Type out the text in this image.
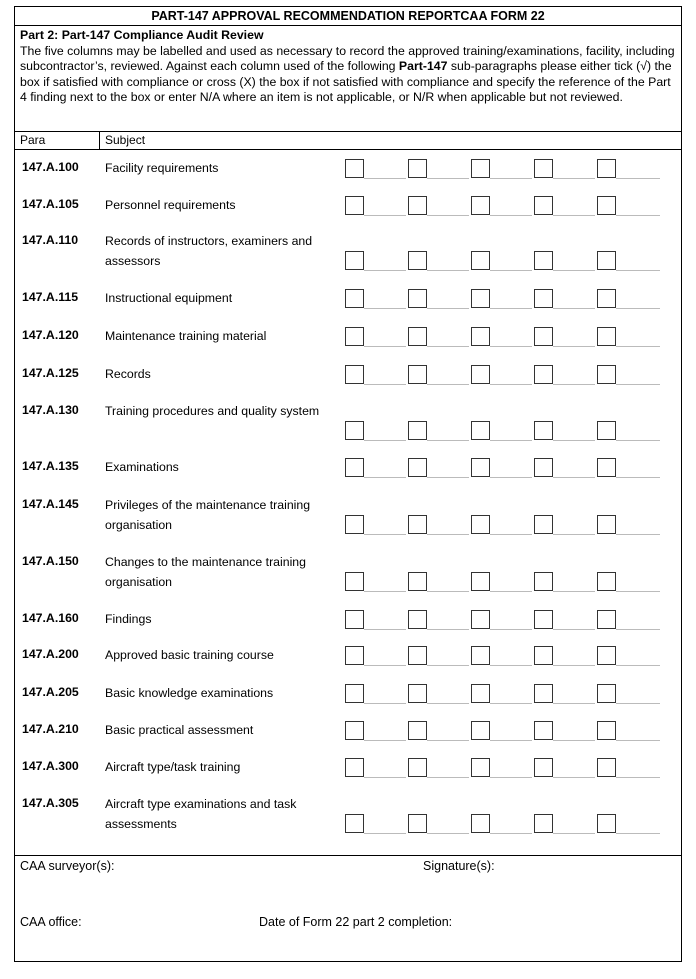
PART-147 APPROVAL RECOMMENDATION REPORTCAA FORM 22
Part 2: Part-147 Compliance Audit Review
The five columns may be labelled and used as necessary to record the approved training/examinations, facility, including subcontractor’s, reviewed. Against each column used of the following Part-147 sub-paragraphs please either tick (√) the box if satisfied with compliance or cross (X) the box if not satisfied with compliance and specify the reference of the Part 4 finding next to the box or enter N/A where an item is not applicable, or N/R when applicable but not reviewed.
Para	Subject
147.A.100 Facility requirements
147.A.105 Personnel requirements
147.A.110 Records of instructors, examiners and assessors
147.A.115 Instructional equipment
147.A.120 Maintenance training material
147.A.125 Records
147.A.130 Training procedures and quality system
147.A.135 Examinations
147.A.145 Privileges of the maintenance training organisation
147.A.150 Changes to the maintenance training organisation
147.A.160 Findings
147.A.200 Approved basic training course
147.A.205 Basic knowledge examinations
147.A.210 Basic practical assessment
147.A.300 Aircraft type/task training
147.A.305 Aircraft type examinations and task assessments
CAA surveyor(s):	Signature(s):
CAA office:	Date of Form 22 part 2 completion:
